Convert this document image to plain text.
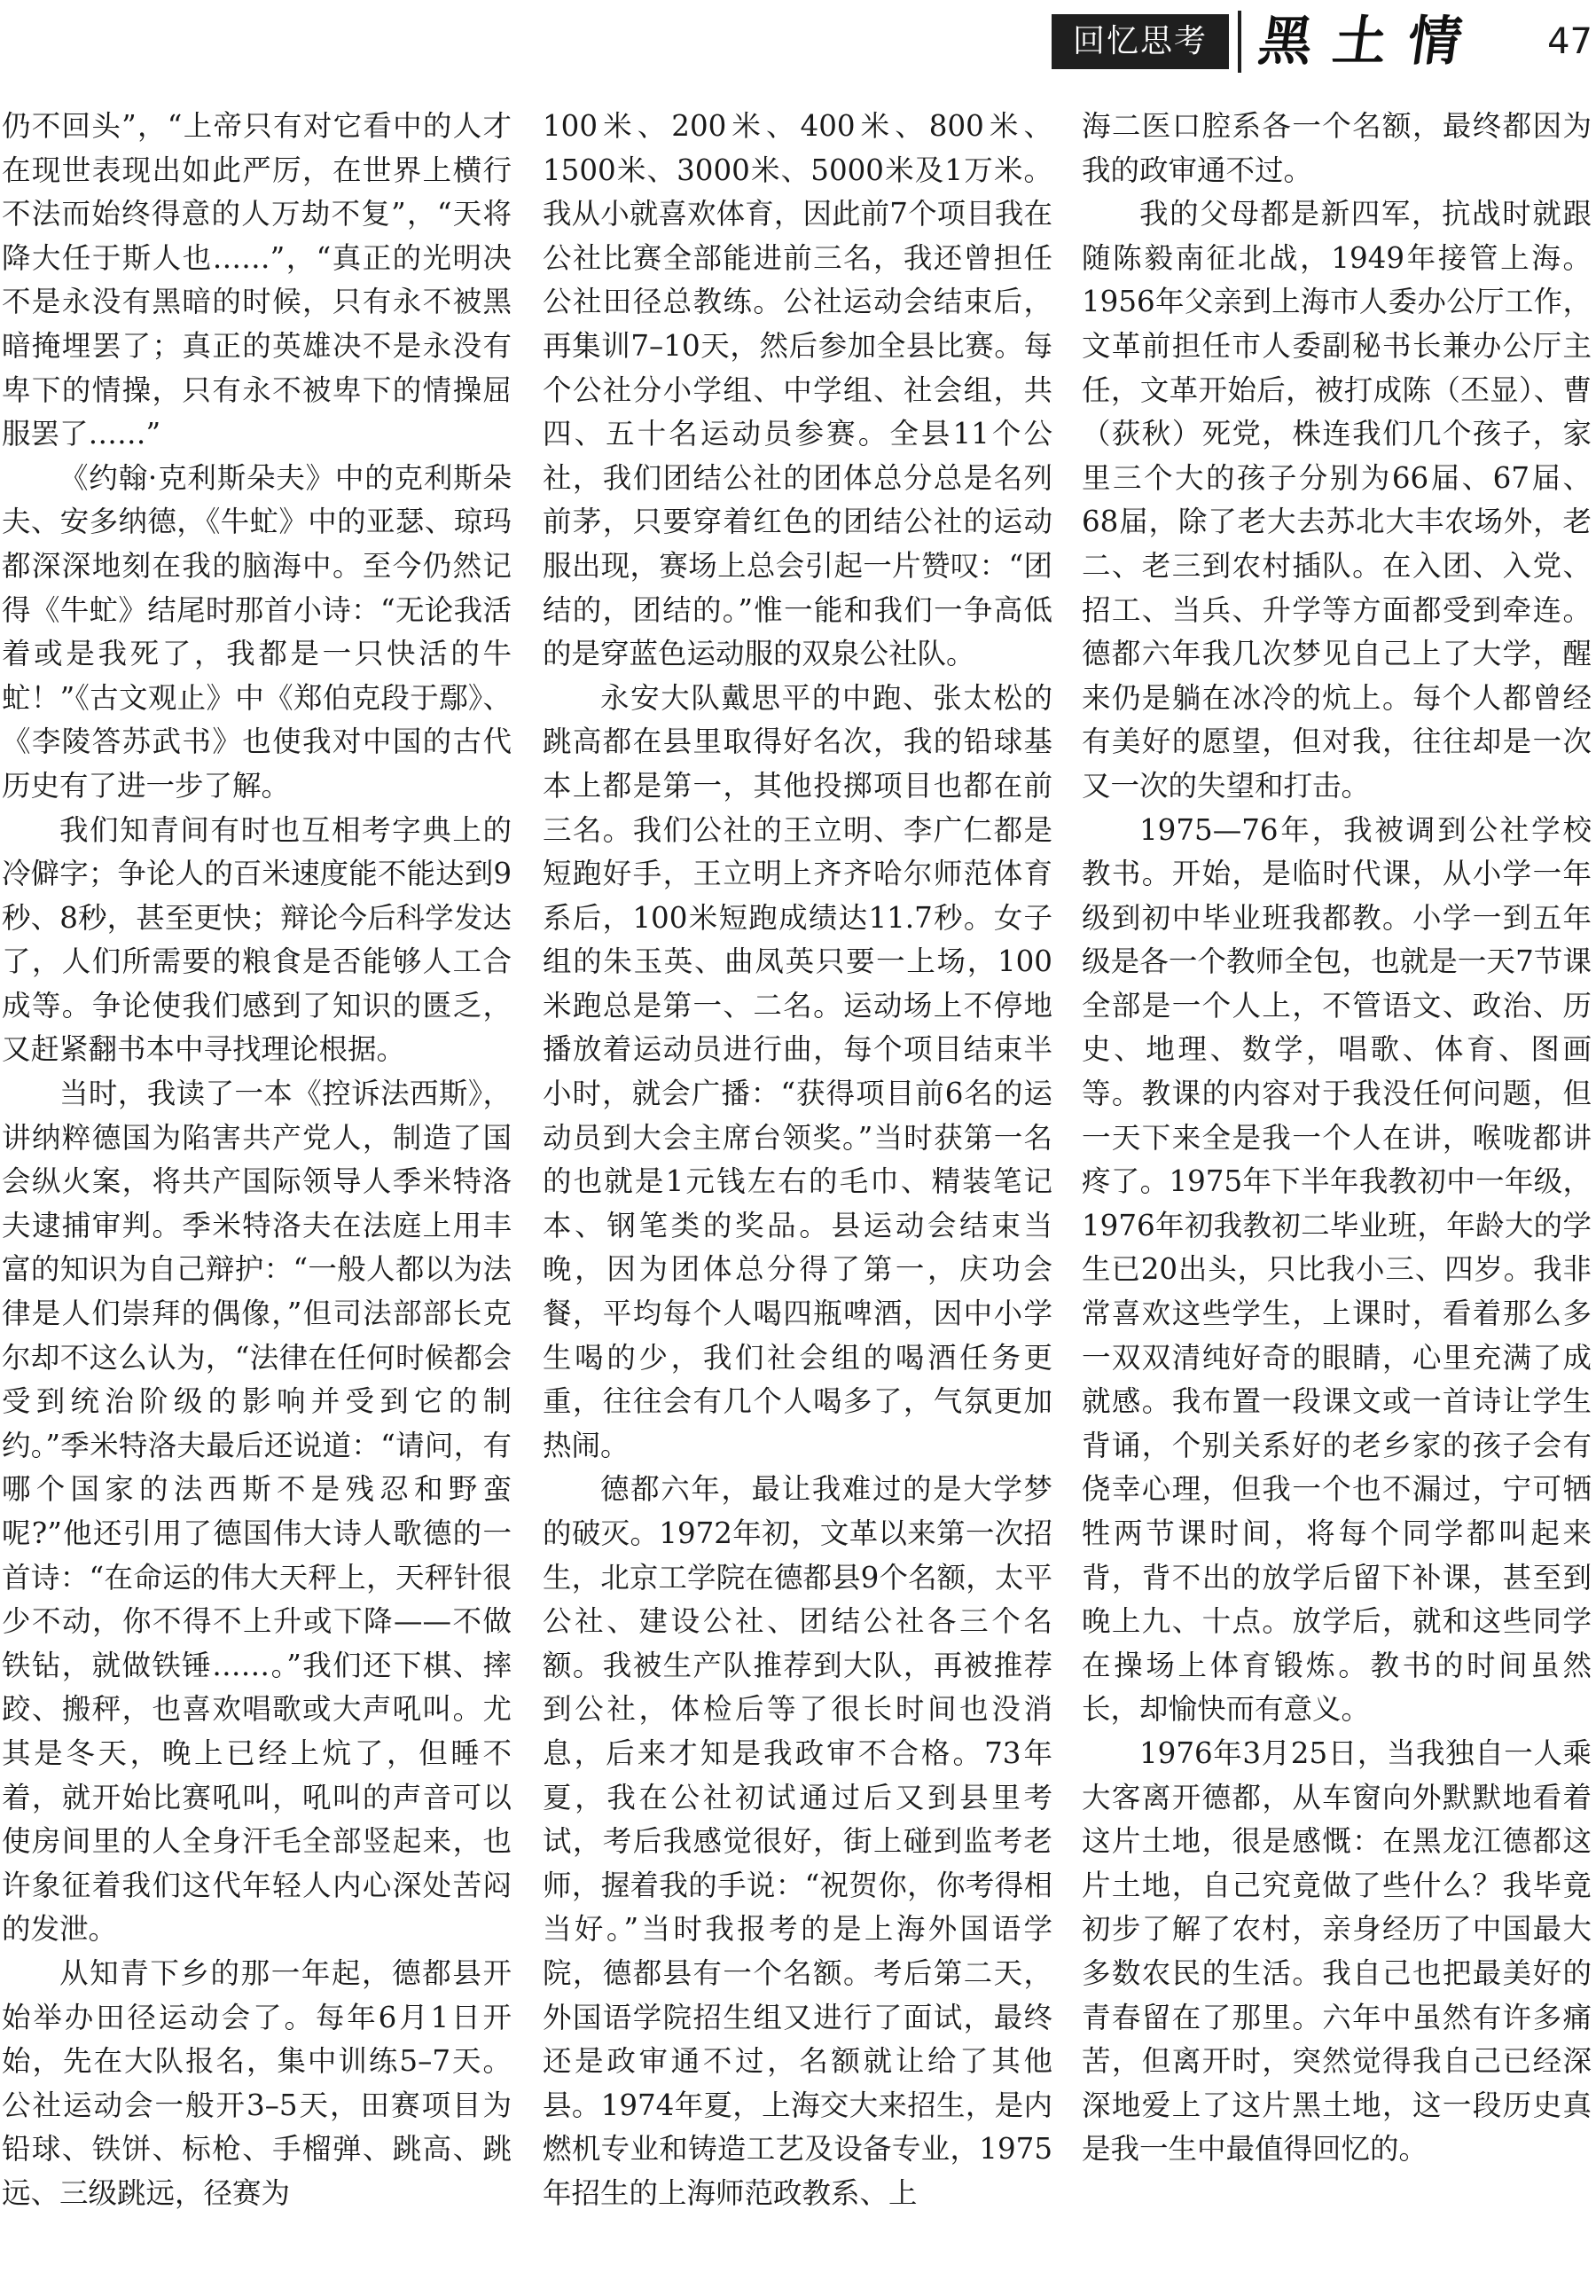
回忆思考 黑土情 47

仍不回头”，“上帝只有对它看中的人才在现世表现出如此严厉，在世界上横行不法而始终得意的人万劫不复”，“天将降大任于斯人也……”，“真正的光明决不是永没有黑暗的时候，只有永不被黑暗掩埋罢了；真正的英雄决不是永没有卑下的情操，只有永不被卑下的情操屈服罢了……”

《约翰·克利斯朵夫》中的克利斯朵夫、安多纳德，《牛虻》中的亚瑟、琼玛都深深地刻在我的脑海中。至今仍然记得《牛虻》结尾时那首小诗：“无论我活着或是我死了，我都是一只快活的牛虻！”《古文观止》中《郑伯克段于鄢》、《李陵答苏武书》也使我对中国的古代历史有了进一步了解。

我们知青间有时也互相考字典上的冷僻字；争论人的百米速度能不能达到9秒、8秒，甚至更快；辩论今后科学发达了，人们所需要的粮食是否能够人工合成等。争论使我们感到了知识的匮乏，又赶紧翻书本中寻找理论根据。

当时，我读了一本《控诉法西斯》，讲纳粹德国为陷害共产党人，制造了国会纵火案，将共产国际领导人季米特洛夫逮捕审判。季米特洛夫在法庭上用丰富的知识为自己辩护：“一般人都以为法律是人们崇拜的偶像，”但司法部部长克尔却不这么认为，“法律在任何时候都会受到统治阶级的影响并受到它的制约。”季米特洛夫最后还说道：“请问，有哪个国家的法西斯不是残忍和野蛮呢?”他还引用了德国伟大诗人歌德的一首诗：“在命运的伟大天秤上，天秤针很少不动，你不得不上升或下降——不做铁钻，就做铁锤……。”我们还下棋、摔跤、搬秤，也喜欢唱歌或大声吼叫。尤其是冬天，晚上已经上炕了，但睡不着，就开始比赛吼叫，吼叫的声音可以使房间里的人全身汗毛全部竖起来，也许象征着我们这代年轻人内心深处苦闷的发泄。

从知青下乡的那一年起，德都县开始举办田径运动会了。每年6月1日开始，先在大队报名，集中训练5–7天。公社运动会一般开3–5天，田赛项目为铅球、铁饼、标枪、手榴弹、跳高、跳远、三级跳远，径赛为

100米、200米、400米、800米、1500米、3000米、5000米及1万米。我从小就喜欢体育，因此前7个项目我在公社比赛全部能进前三名，我还曾担任公社田径总教练。公社运动会结束后，再集训7–10天，然后参加全县比赛。每个公社分小学组、中学组、社会组，共四、五十名运动员参赛。全县11个公社，我们团结公社的团体总分总是名列前茅，只要穿着红色的团结公社的运动服出现，赛场上总会引起一片赞叹：“团结的，团结的。”惟一能和我们一争高低的是穿蓝色运动服的双泉公社队。

永安大队戴思平的中跑、张太松的跳高都在县里取得好名次，我的铅球基本上都是第一，其他投掷项目也都在前三名。我们公社的王立明、李广仁都是短跑好手，王立明上齐齐哈尔师范体育系后，100米短跑成绩达11.7秒。女子组的朱玉英、曲凤英只要一上场，100米跑总是第一、二名。运动场上不停地播放着运动员进行曲，每个项目结束半小时，就会广播：“获得项目前6名的运动员到大会主席台领奖。”当时获第一名的也就是1元钱左右的毛巾、精装笔记本、钢笔类的奖品。县运动会结束当晚，因为团体总分得了第一，庆功会餐，平均每个人喝四瓶啤酒，因中小学生喝的少，我们社会组的喝酒任务更重，往往会有几个人喝多了，气氛更加热闹。

德都六年，最让我难过的是大学梦的破灭。1972年初，文革以来第一次招生，北京工学院在德都县9个名额，太平公社、建设公社、团结公社各三个名额。我被生产队推荐到大队，再被推荐到公社，体检后等了很长时间也没消息，后来才知是我政审不合格。73年夏，我在公社初试通过后又到县里考试，考后我感觉很好，街上碰到监考老师，握着我的手说：“祝贺你，你考得相当好。”当时我报考的是上海外国语学院，德都县有一个名额。考后第二天，外国语学院招生组又进行了面试，最终还是政审通不过，名额就让给了其他县。1974年夏，上海交大来招生，是内燃机专业和铸造工艺及设备专业，1975年招生的上海师范政教系、上

海二医口腔系各一个名额，最终都因为我的政审通不过。

我的父母都是新四军，抗战时就跟随陈毅南征北战，1949年接管上海。1956年父亲到上海市人委办公厅工作，文革前担任市人委副秘书长兼办公厅主任，文革开始后，被打成陈（丕显）、曹（荻秋）死党，株连我们几个孩子，家里三个大的孩子分别为66届、67届、68届，除了老大去苏北大丰农场外，老二、老三到农村插队。在入团、入党、招工、当兵、升学等方面都受到牵连。德都六年我几次梦见自己上了大学，醒来仍是躺在冰冷的炕上。每个人都曾经有美好的愿望，但对我，往往却是一次又一次的失望和打击。

1975—76年，我被调到公社学校教书。开始，是临时代课，从小学一年级到初中毕业班我都教。小学一到五年级是各一个教师全包，也就是一天7节课全部是一个人上，不管语文、政治、历史、地理、数学，唱歌、体育、图画等。教课的内容对于我没任何问题，但一天下来全是我一个人在讲，喉咙都讲疼了。1975年下半年我教初中一年级，1976年初我教初二毕业班，年龄大的学生已20出头，只比我小三、四岁。我非常喜欢这些学生，上课时，看着那么多一双双清纯好奇的眼睛，心里充满了成就感。我布置一段课文或一首诗让学生背诵，个别关系好的老乡家的孩子会有侥幸心理，但我一个也不漏过，宁可牺牲两节课时间，将每个同学都叫起来背，背不出的放学后留下补课，甚至到晚上九、十点。放学后，就和这些同学在操场上体育锻炼。教书的时间虽然长，却愉快而有意义。

1976年3月25日，当我独自一人乘大客离开德都，从车窗向外默默地看着这片土地，很是感慨：在黑龙江德都这片土地，自己究竟做了些什么？我毕竟初步了解了农村，亲身经历了中国最大多数农民的生活。我自己也把最美好的青春留在了那里。六年中虽然有许多痛苦，但离开时，突然觉得我自己已经深深地爱上了这片黑土地，这一段历史真是我一生中最值得回忆的。
